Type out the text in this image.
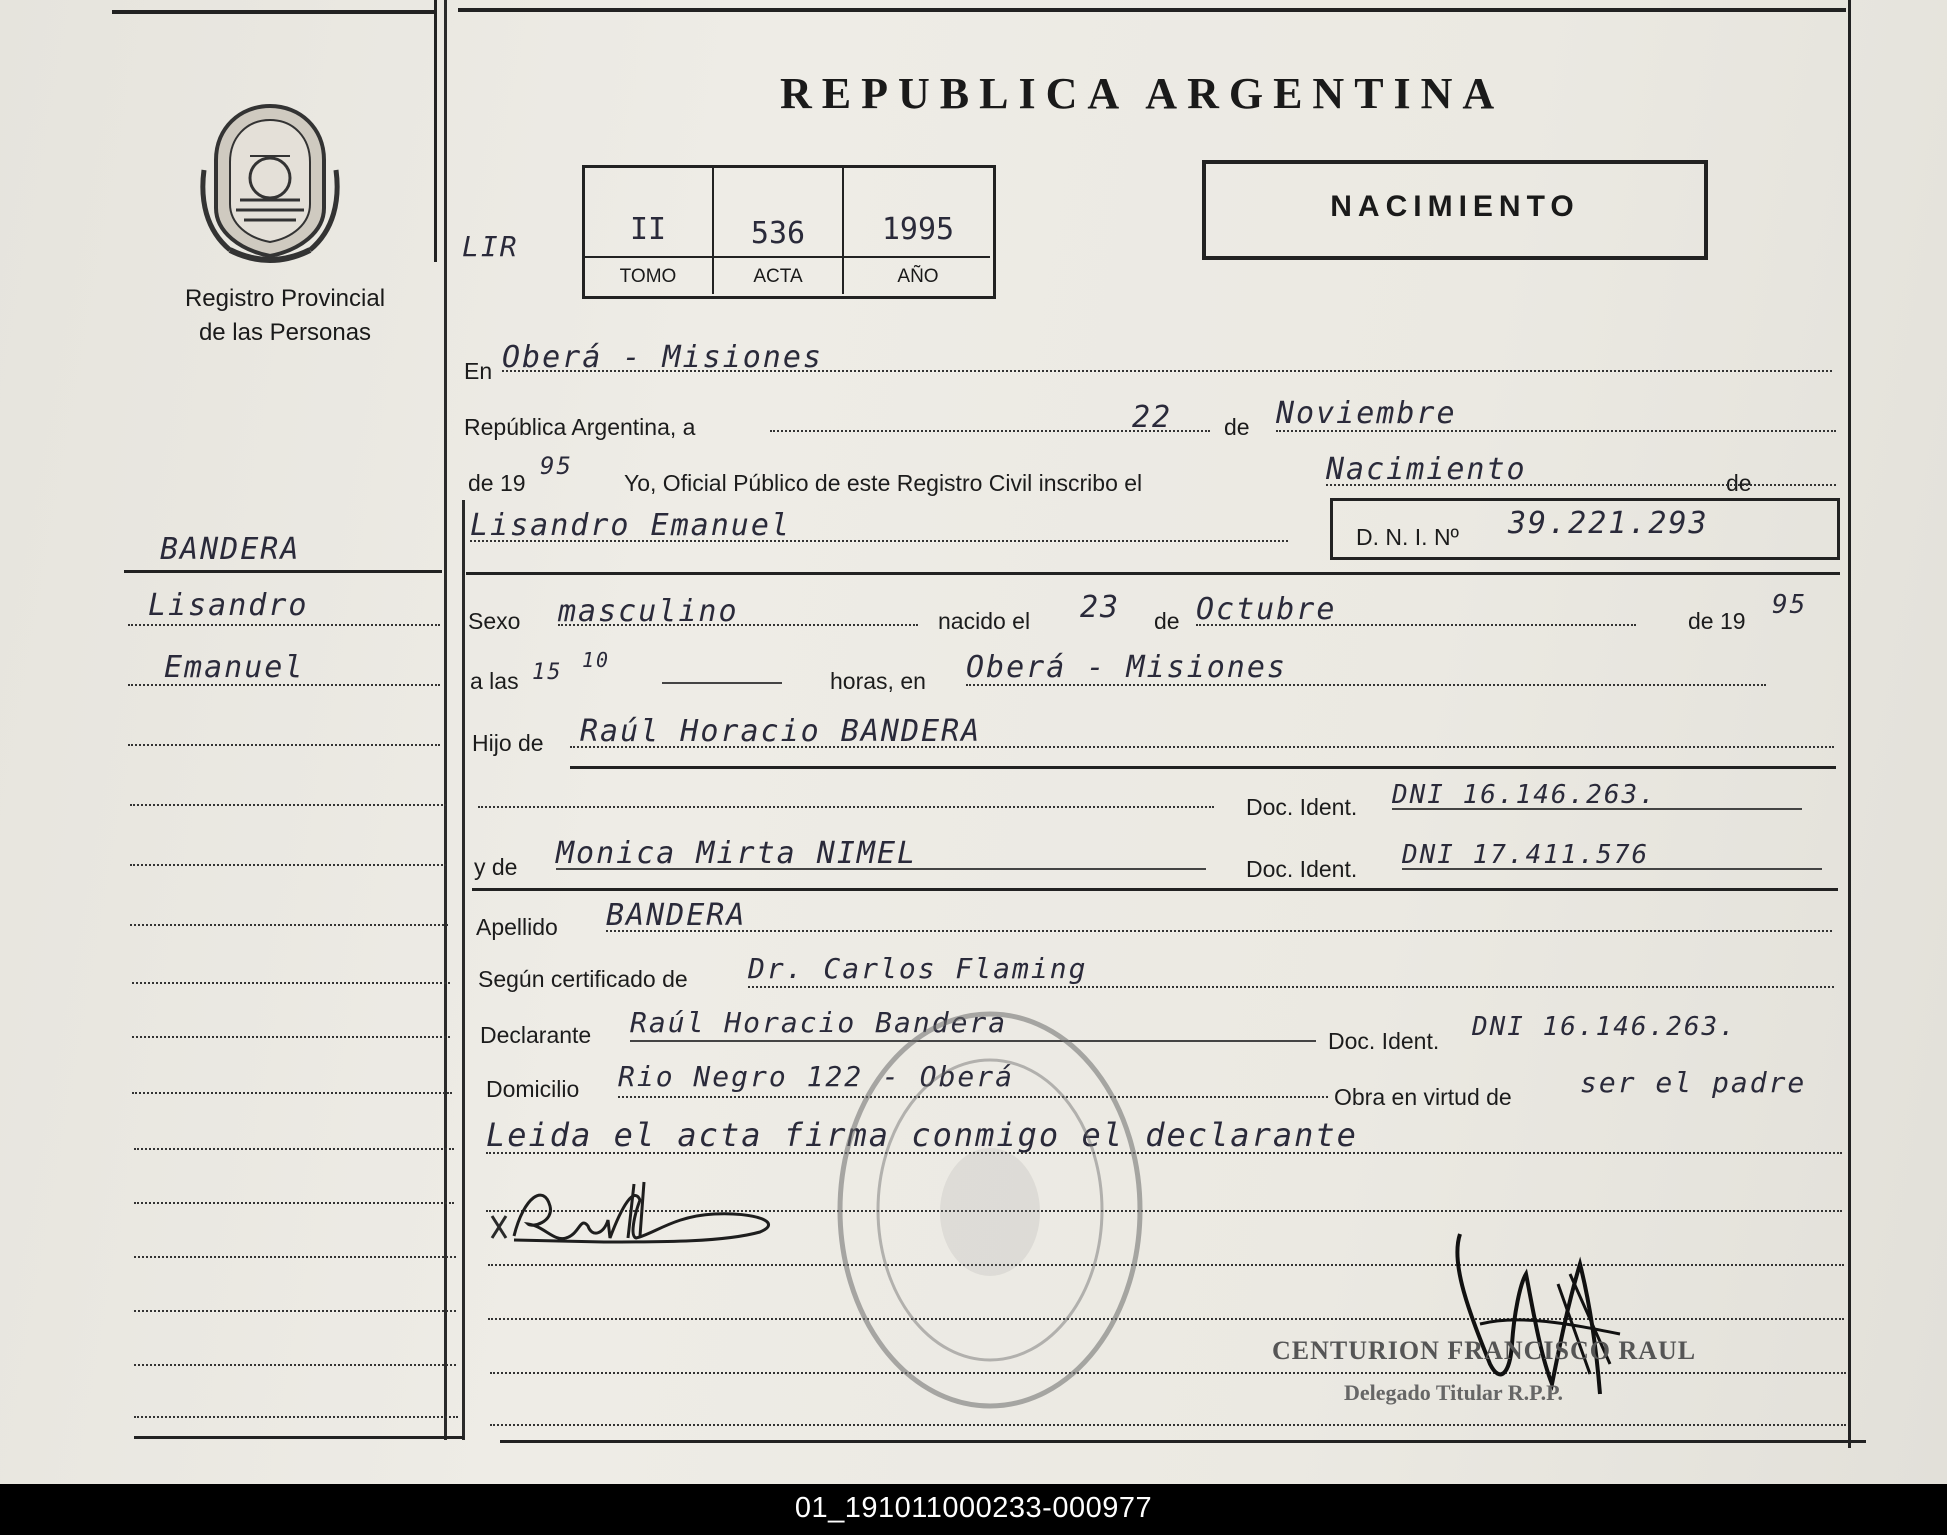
REPUBLICA ARGENTINA
Registro Provincial
de las Personas
LIR	II	536	1995
TOMO	ACTA	AÑO
NACIMIENTO
BANDERA
Lisandro
Emanuel
En Oberá - Misiones
República Argentina, a	22 de Noviembre
de 19
95
Yo, Oficial Público de este Registro Civil inscribo el	Nacimiento	de
Lisandro Emanuel	D. N. I. Nº 39.221.293
Sexo masculino	nacido el 23 de Octubre	de 19
95
a las 15 10
horas, en Oberá - Misiones
Hijo de Raúl Horacio BANDERA
Doc. Ident. DNI 16.146.263.
y de Monica Mirta NIMEL	Doc. Ident. DNI 17.411.576
Apellido BANDERA
Según certificado de Dr. Carlos Flaming
Declarante Raúl Horacio Bandera
Doc. Ident. DNI 16.146.263.
Domicilio Rio Negro 122 - Oberá
Obra en virtud de ser el padre
Leida el acta firma conmigo el declarante
CENTURION FRANCISCO RAUL
Delegado Titular R.P.P.
01_191011000233-000977
